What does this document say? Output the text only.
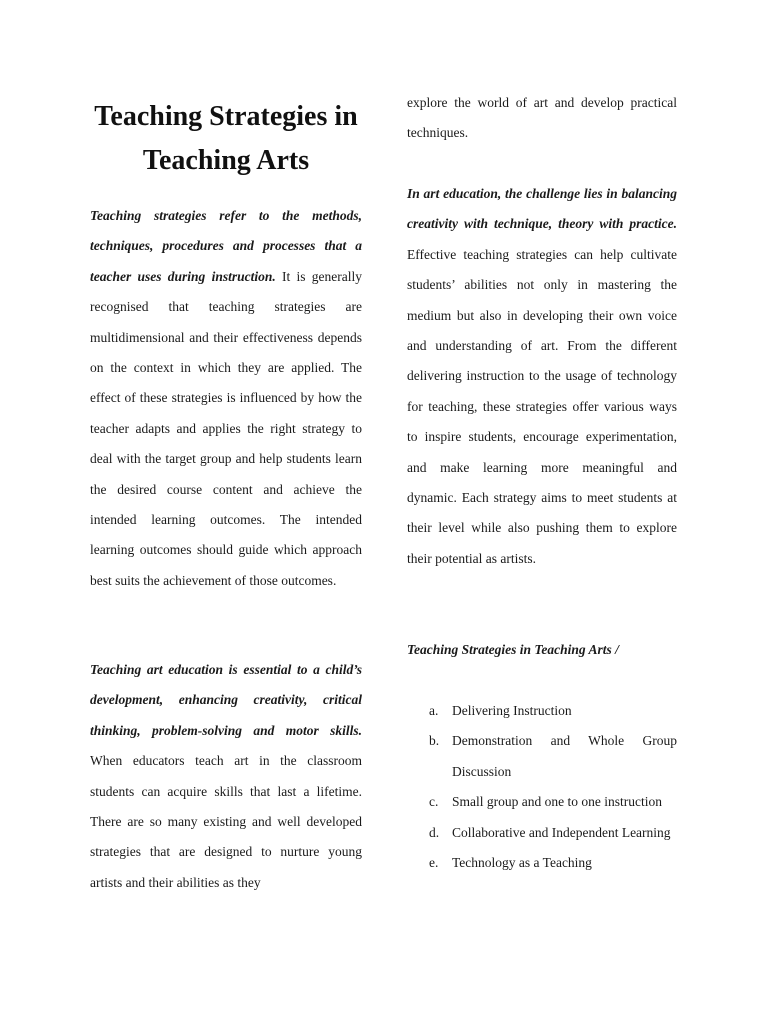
Teaching Strategies in Teaching Arts

Teaching strategies refer to the methods, techniques, procedures and processes that a teacher uses during instruction. It is generally recognised that teaching strategies are multidimensional and their effectiveness depends on the context in which they are applied. The effect of these strategies is influenced by how the teacher adapts and applies the right strategy to deal with the target group and help students learn the desired course content and achieve the intended learning outcomes. The intended learning outcomes should guide which approach best suits the achievement of those outcomes.

Teaching art education is essential to a child’s development, enhancing creativity, critical thinking, problem-solving and motor skills. When educators teach art in the classroom students can acquire skills that last a lifetime. There are so many existing and well developed strategies that are designed to nurture young artists and their abilities as they

explore the world of art and develop practical techniques.

In art education, the challenge lies in balancing creativity with technique, theory with practice. Effective teaching strategies can help cultivate students’ abilities not only in mastering the medium but also in developing their own voice and understanding of art. From the different delivering instruction to the usage of technology for teaching, these strategies offer various ways to inspire students, encourage experimentation, and make learning more meaningful and dynamic. Each strategy aims to meet students at their level while also pushing them to explore their potential as artists.

Teaching Strategies in Teaching Arts /

a. Delivering Instruction
b. Demonstration and Whole Group Discussion
c. Small group and one to one instruction
d. Collaborative and Independent Learning
e. Technology as a Teaching
